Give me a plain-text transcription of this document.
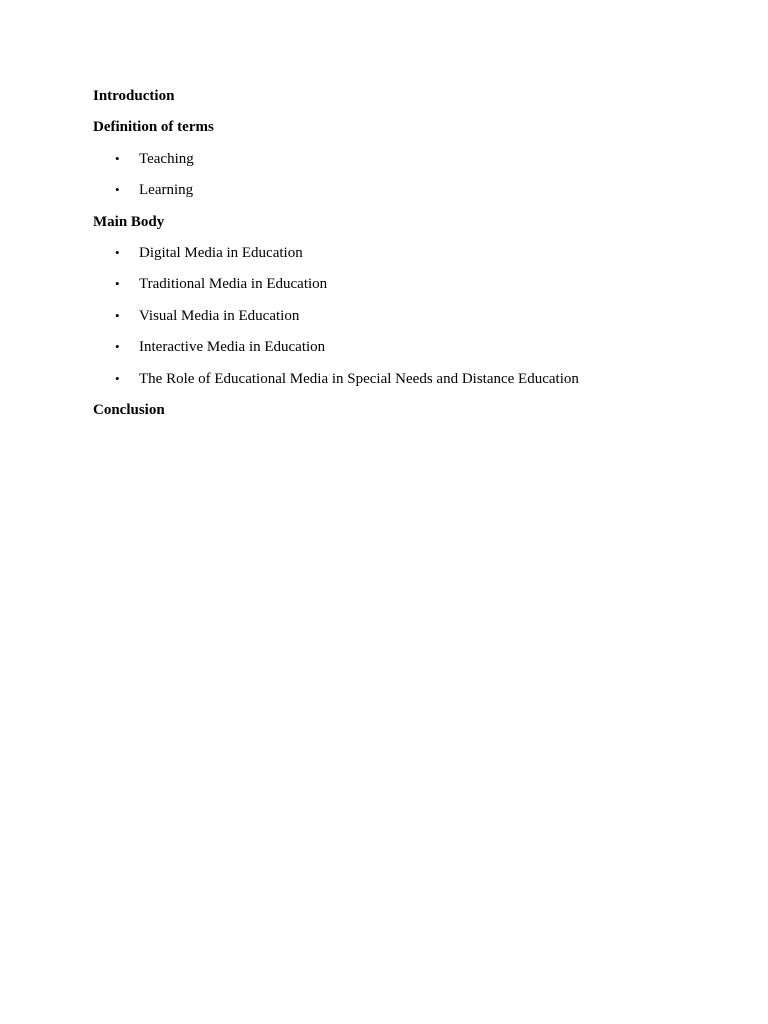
Introduction
Definition of terms
• Teaching
• Learning
Main Body
• Digital Media in Education
• Traditional Media in Education
• Visual Media in Education
• Interactive Media in Education
• The Role of Educational Media in Special Needs and Distance Education
Conclusion
